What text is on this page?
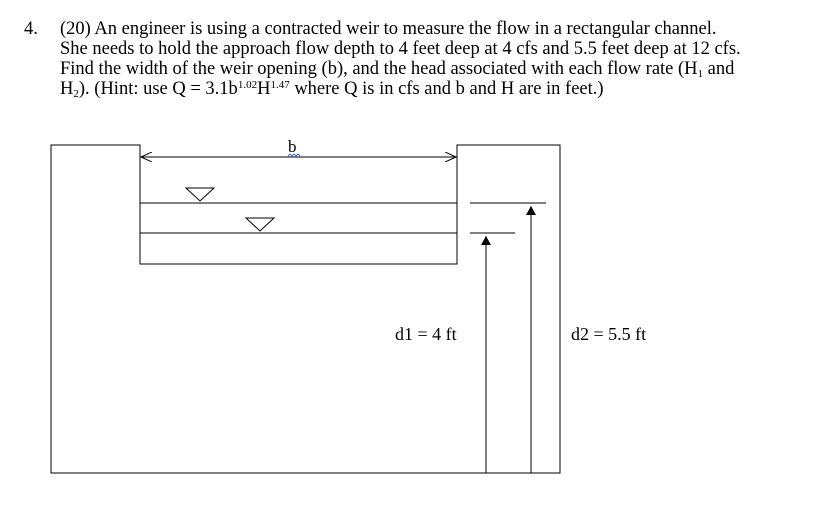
4. (20) An engineer is using a contracted weir to measure the flow in a rectangular channel.
She needs to hold the approach flow depth to 4 feet deep at 4 cfs and 5.5 feet deep at 12 cfs.
Find the width of the weir opening (b), and the head associated with each flow rate ($H_1$ and
$H_2$). (Hint: use $Q = 3.1b^{1.02}H^{1.47}$ where Q is in cfs and b and H are in feet.)
b
d1 = 4 ft	d2 = 5.5 ft
